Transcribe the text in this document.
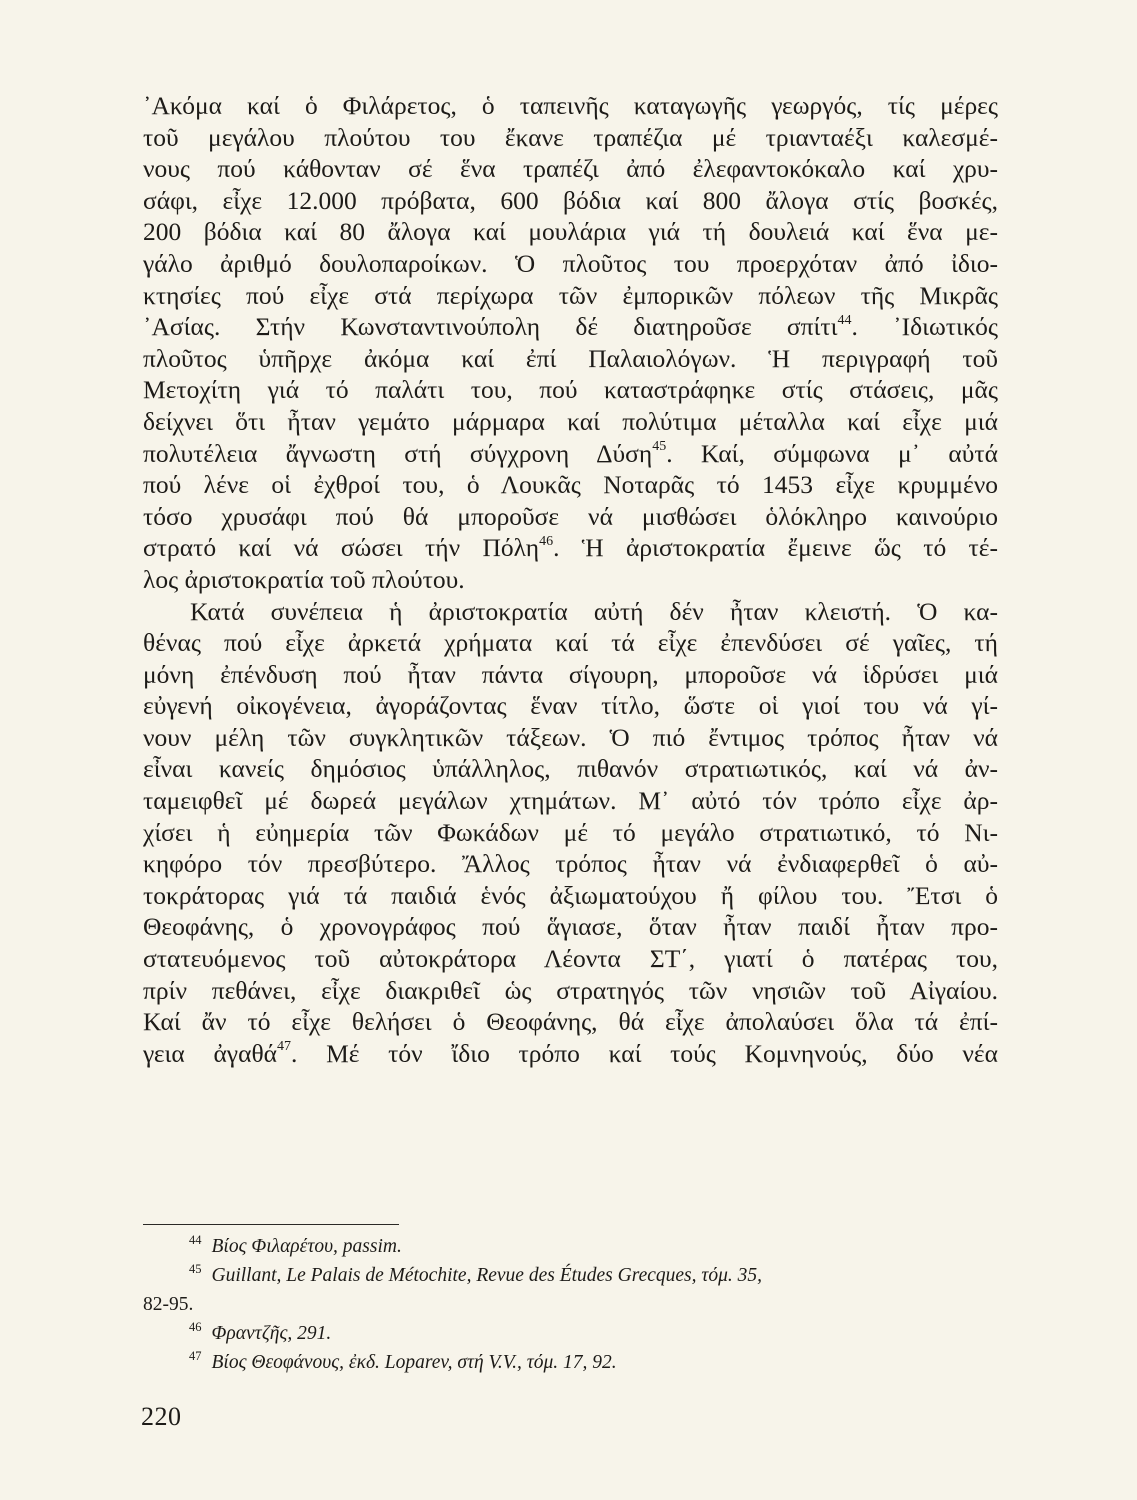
᾿Ακόμα καί ὁ Φιλάρετος, ὁ ταπεινῆς καταγωγῆς γεωργός, τίς μέρες
τοῦ μεγάλου πλούτου του ἔκανε τραπέζια μέ τριανταέξι καλεσμέ-
νους πού κάθονταν σέ ἕνα τραπέζι ἀπό ἐλεφαντοκόκαλο καί χρυ-
σάφι, εἶχε 12.000 πρόβατα, 600 βόδια καί 800 ἄλογα στίς βοσκές,
200 βόδια καί 80 ἄλογα καί μουλάρια γιά τή δουλειά καί ἕνα με-
γάλο ἀριθμό δουλοπαροίκων. Ὁ πλοῦτος του προερχόταν ἀπό ἰδιο-
κτησίες πού εἶχε στά περίχωρα τῶν ἐμπορικῶν πόλεων τῆς Μικρᾶς
᾿Ασίας. Στήν Κωνσταντινούπολη δέ διατηροῦσε σπίτι$^{44}$. ᾿Ιδιωτικός
πλοῦτος ὑπῆρχε ἀκόμα καί ἐπί Παλαιολόγων. Ἡ περιγραφή τοῦ
Μετοχίτη γιά τό παλάτι του, πού καταστράφηκε στίς στάσεις, μᾶς
δείχνει ὅτι ἦταν γεμάτο μάρμαρα καί πολύτιμα μέταλλα καί εἶχε μιά
πολυτέλεια ἄγνωστη στή σύγχρονη Δύση$^{45}$. Καί, σύμφωνα μ᾿ αὐτά
πού λένε οἱ ἐχθροί του, ὁ Λουκᾶς Νοταρᾶς τό 1453 εἶχε κρυμμένο
τόσο χρυσάφι πού θά μποροῦσε νά μισθώσει ὁλόκληρο καινούριο
στρατό καί νά σώσει τήν Πόλη$^{46}$. Ἡ ἀριστοκρατία ἔμεινε ὥς τό τέ-
λος ἀριστοκρατία τοῦ πλούτου.
Κατά συνέπεια ἡ ἀριστοκρατία αὐτή δέν ἦταν κλειστή. Ὁ κα-
θένας πού εἶχε ἀρκετά χρήματα καί τά εἶχε ἐπενδύσει σέ γαῖες, τή
μόνη ἐπένδυση πού ἦταν πάντα σίγουρη, μποροῦσε νά ἱδρύσει μιά
εὐγενή οἰκογένεια, ἀγοράζοντας ἕναν τίτλο, ὥστε οἱ γιοί του νά γί-
νουν μέλη τῶν συγκλητικῶν τάξεων. Ὁ πιό ἔντιμος τρόπος ἦταν νά
εἶναι κανείς δημόσιος ὑπάλληλος, πιθανόν στρατιωτικός, καί νά ἀν-
ταμειφθεῖ μέ δωρεά μεγάλων χτημάτων. Μ᾿ αὐτό τόν τρόπο εἶχε ἀρ-
χίσει ἡ εὐημερία τῶν Φωκάδων μέ τό μεγάλο στρατιωτικό, τό Νι-
κηφόρο τόν πρεσβύτερο. Ἄλλος τρόπος ἦταν νά ἐνδιαφερθεῖ ὁ αὐ-
τοκράτορας γιά τά παιδιά ἑνός ἀξιωματούχου ἤ φίλου του. Ἔτσι ὁ
Θεοφάνης, ὁ χρονογράφος πού ἅγιασε, ὅταν ἦταν παιδί ἦταν προ-
στατευόμενος τοῦ αὐτοκράτορα Λέοντα ΣΤ΄, γιατί ὁ πατέρας του,
πρίν πεθάνει, εἶχε διακριθεῖ ὡς στρατηγός τῶν νησιῶν τοῦ Αἰγαίου.
Καί ἄν τό εἶχε θελήσει ὁ Θεοφάνης, θά εἶχε ἀπολαύσει ὅλα τά ἐπί-
γεια ἀγαθά$^{47}$. Μέ τόν ἴδιο τρόπο καί τούς Κομνηνούς, δύο νέα
$^{44}$ Βίος Φιλαρέτου, passim.
$^{45}$ Guillant, Le Palais de Métochite, Revue des Études Grecques, τόμ. 35,
82-95.
$^{46}$ Φραντζῆς, 291.
$^{47}$ Βίος Θεοφάνους, ἐκδ. Loparev, στή V.V., τόμ. 17, 92.
220
